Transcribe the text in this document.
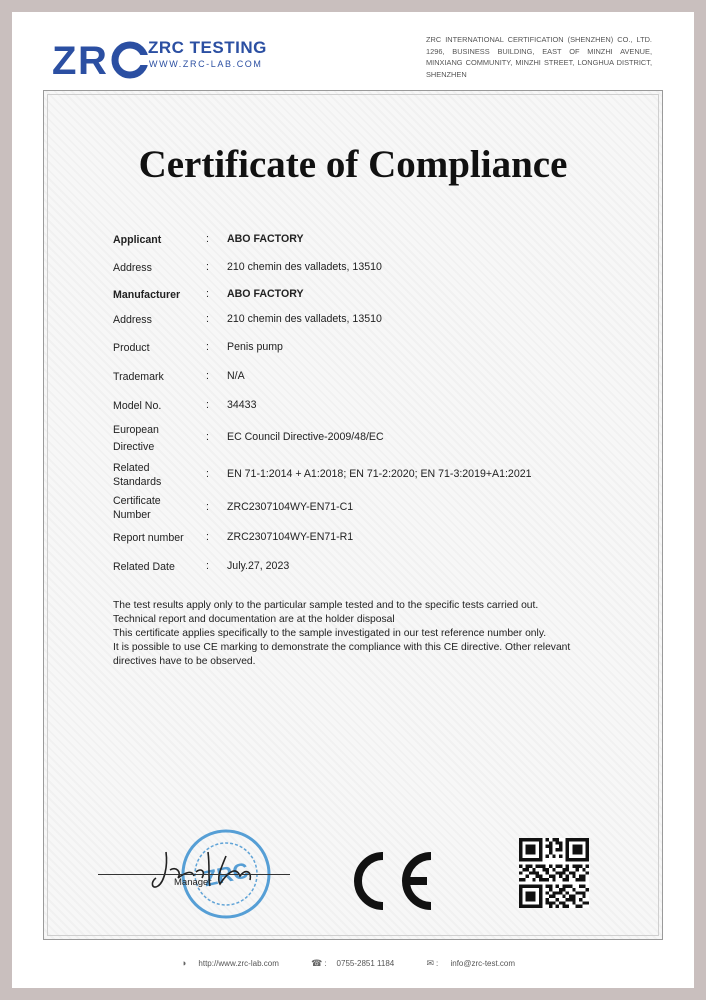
Z R ZRC TESTING
WWW.ZRC-LAB.COM
ZRC INTERNATIONAL CERTIFICATION (SHENZHEN) CO., LTD. 1296, BUSINESS BUILDING, EAST OF MINZHI AVENUE, MINXIANG COMMUNITY, MINZHI STREET, LONGHUA DISTRICT, SHENZHEN
Certificate of Compliance
Applicant	: ABO FACTORY
Address	: 210 chemin des valladets, 13510
Manufacturer	: ABO FACTORY
Address	: 210 chemin des valladets, 13510
Product	: Penis pump
Trademark	: N/A
Model No.	: 34433
European Directive
: EC Council Directive-2009/48/EC
Related Standards
: EN 71-1:2014 + A1:2018; EN 71-2:2020; EN 71-3:2019+A1:2021
Certificate Number
: ZRC2307104WY-EN71-C1
Report number	: ZRC2307104WY-EN71-R1
Related Date	: July.27, 2023

The test results apply only to the particular sample tested and to the specific tests carried out.

Technical report and documentation are at the holder disposal

This certificate applies specifically to the sample investigated in our test reference number only.

It is possible to use CE marking to demonstrate the compliance with this CE directive. Other relevant directives have to be observed.

ZRC
Manager
◑ http://www.zrc-lab.com	☎ : 0755-2851 1184	✉ : info@zrc-test.com
